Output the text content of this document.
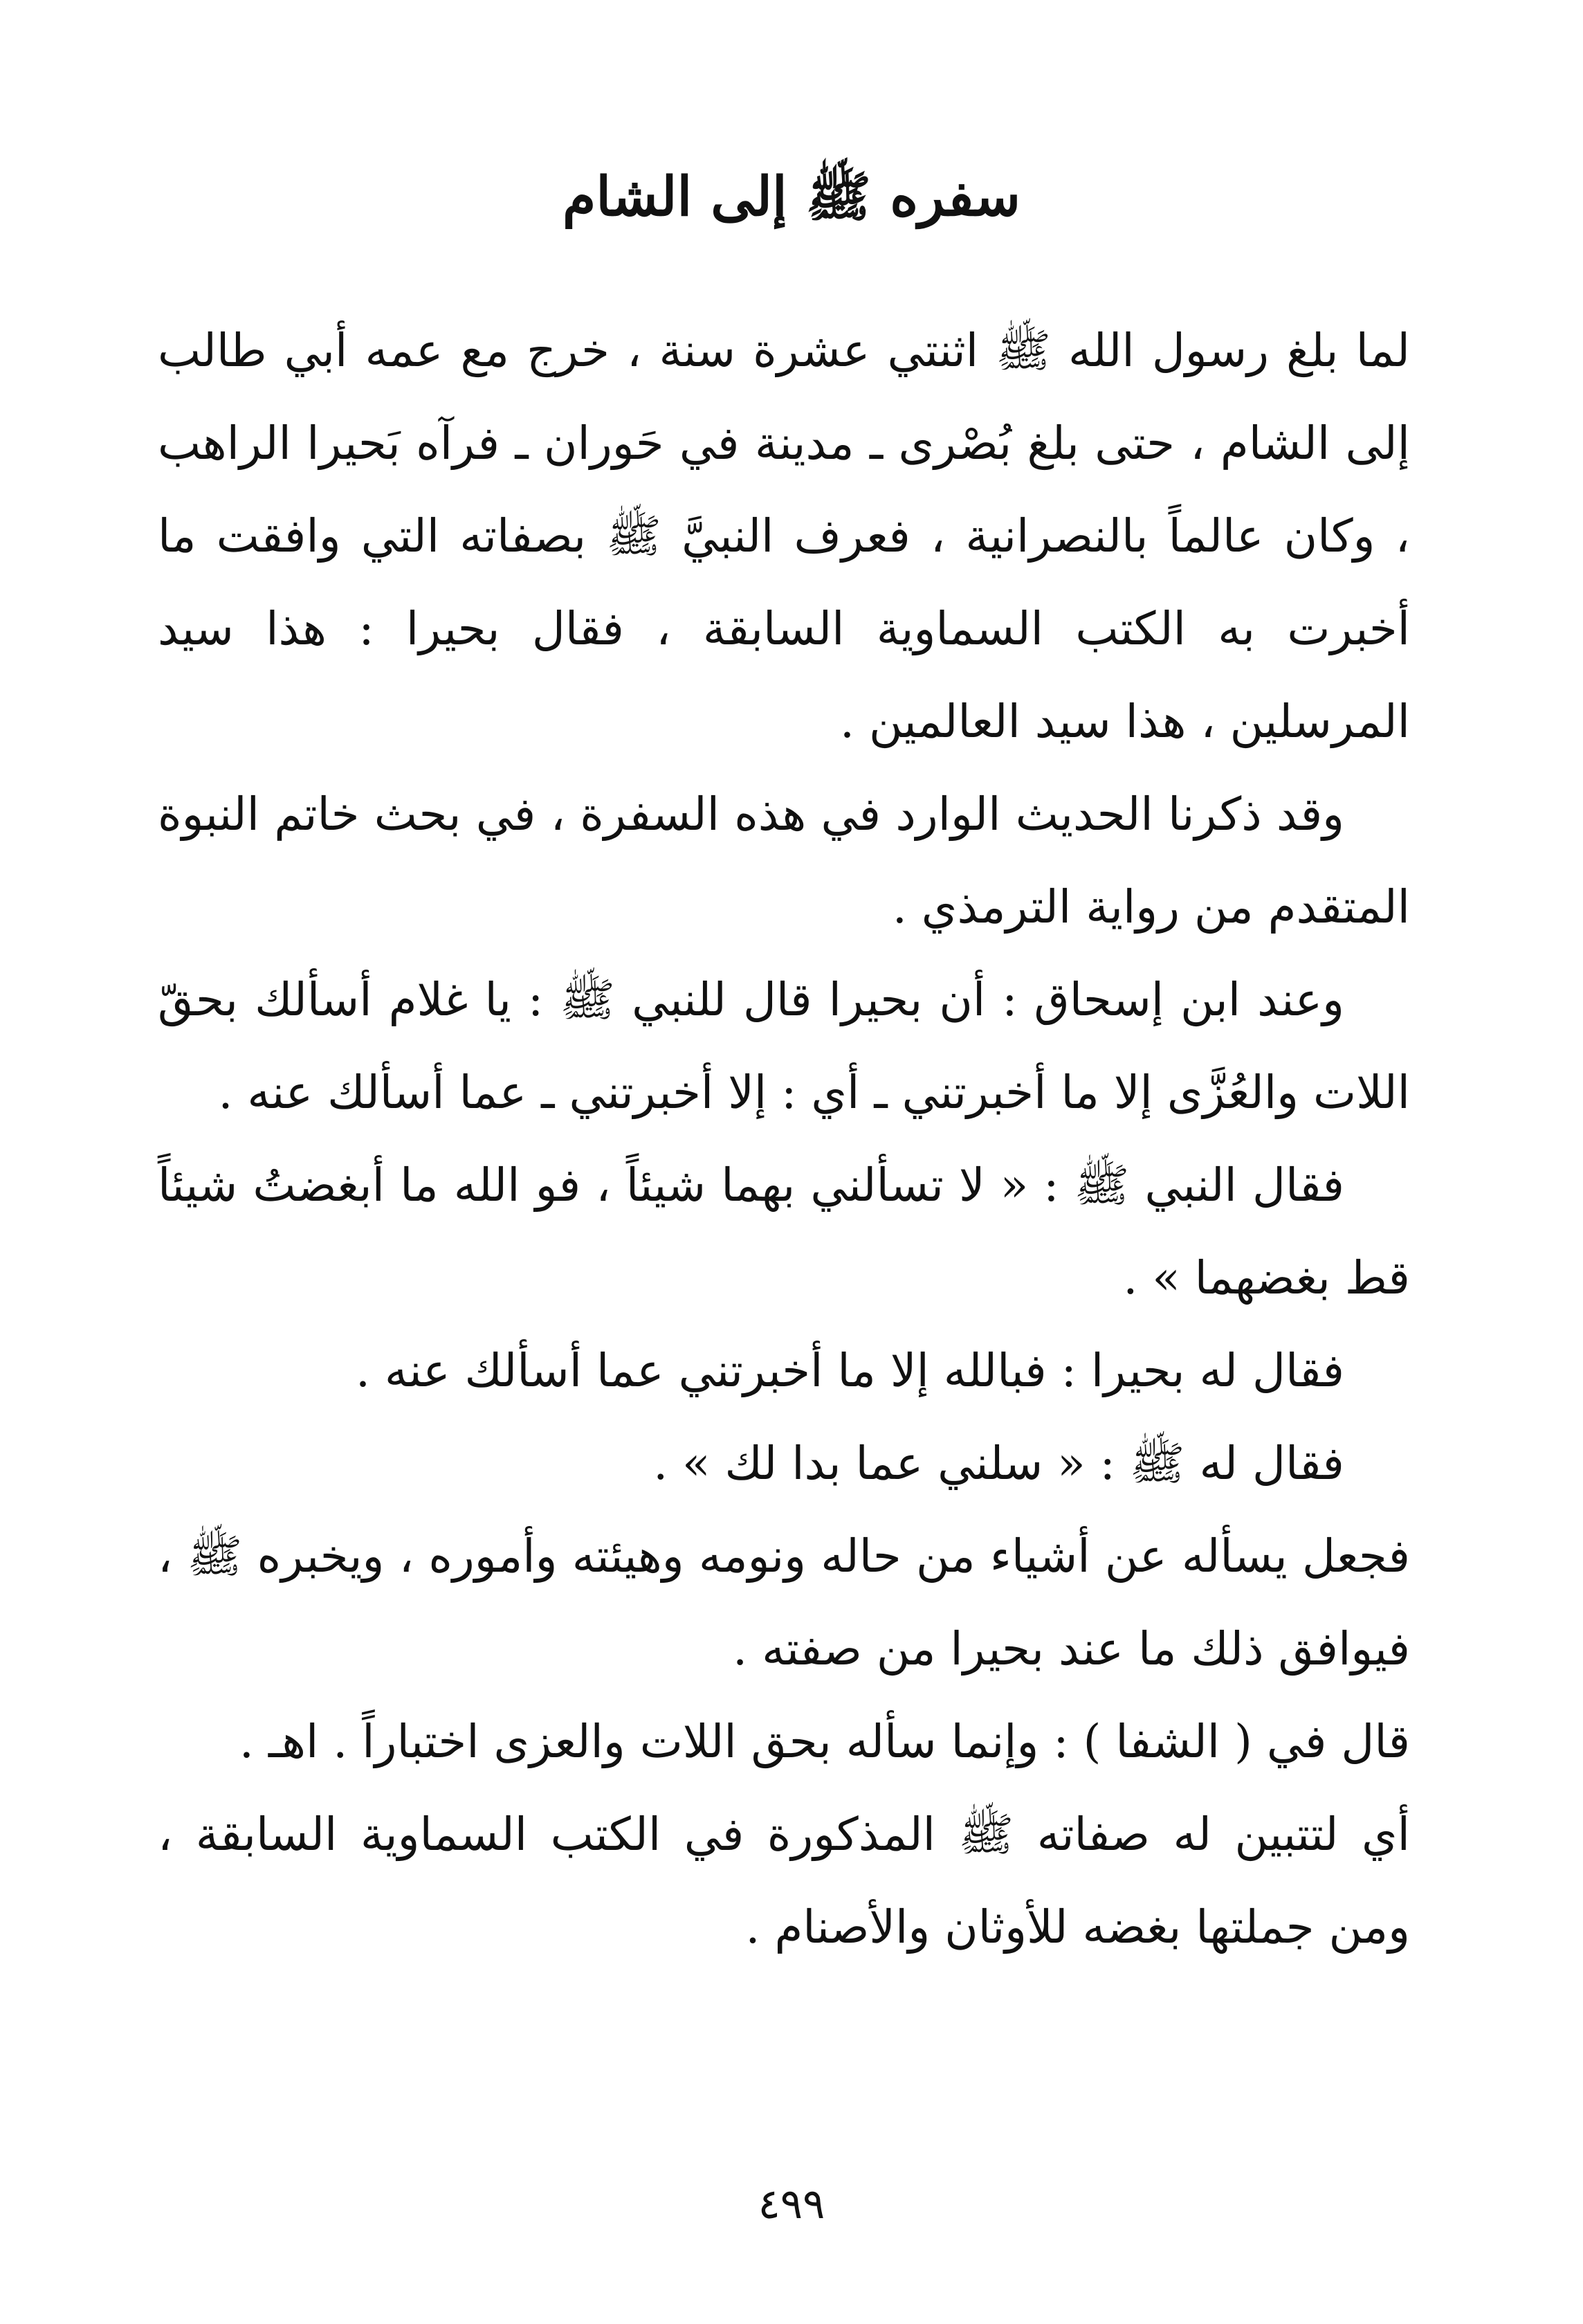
سفره ﷺ إلى الشام

لما بلغ رسول الله ﷺ اثنتي عشرة سنة ، خرج مع عمه أبي طالب إلى الشام ، حتى بلغ بُصْرى ـ مدينة في حَوران ـ فرآه بَحيرا الراهب ، وكان عالماً بالنصرانية ، فعرف النبيَّ ﷺ بصفاته التي وافقت ما أخبرت به الكتب السماوية السابقة ، فقال بحيرا : هذا سيد المرسلين ، هذا سيد العالمين .

وقد ذكرنا الحديث الوارد في هذه السفرة ، في بحث خاتم النبوة المتقدم من رواية الترمذي .

وعند ابن إسحاق : أن بحيرا قال للنبي ﷺ : يا غلام أسألك بحقّ اللات والعُزَّى إلا ما أخبرتني ـ أي : إلا أخبرتني ـ عما أسألك عنه .

فقال النبي ﷺ : « لا تسألني بهما شيئاً ، فو الله ما أبغضتُ شيئاً قط بغضهما » .

فقال له بحيرا : فبالله إلا ما أخبرتني عما أسألك عنه .

فقال له ﷺ : « سلني عما بدا لك » .

فجعل يسأله عن أشياء من حاله ونومه وهيئته وأموره ، ويخبره ﷺ ، فيوافق ذلك ما عند بحيرا من صفته .

قال في ( الشفا ) : وإنما سأله بحق اللات والعزى اختباراً . اهـ .

أي لتتبين له صفاته ﷺ المذكورة في الكتب السماوية السابقة ، ومن جملتها بغضه للأوثان والأصنام .

٤٩٩
